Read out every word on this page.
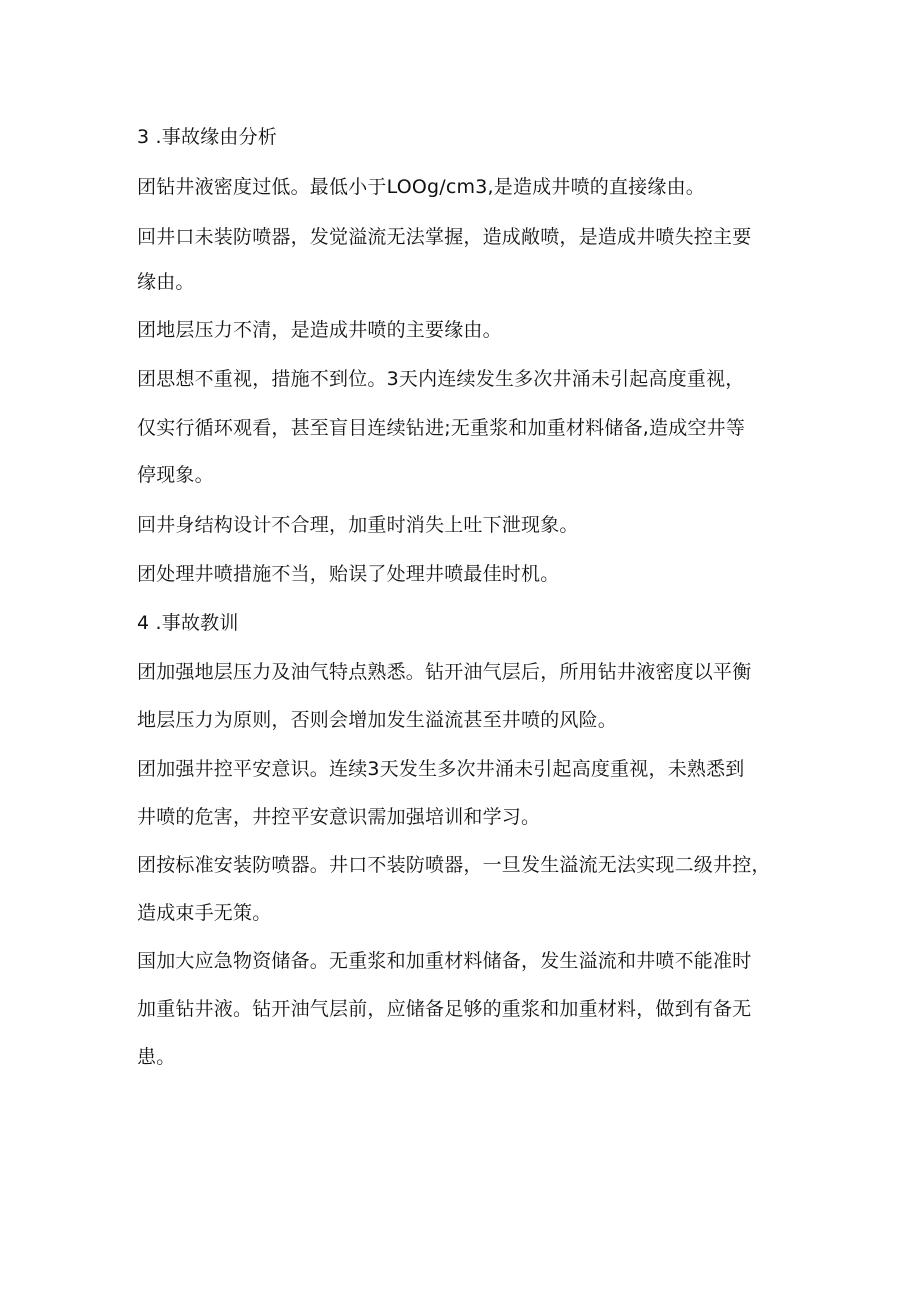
3 .事故缘由分析
团钻井液密度过低。最低小于LOOg/cm3,是造成井喷的直接缘由。
回井口未装防喷器，发觉溢流无法掌握，造成敞喷，是造成井喷失控主要
缘由。
团地层压力不清，是造成井喷的主要缘由。
团思想不重视，措施不到位。3天内连续发生多次井涌未引起高度重视，
仅实行循环观看，甚至盲目连续钻进;无重浆和加重材料储备,造成空井等
停现象。
回井身结构设计不合理，加重时消失上吐下泄现象。
团处理井喷措施不当，贻误了处理井喷最佳时机。
4 .事故教训
团加强地层压力及油气特点熟悉。钻开油气层后，所用钻井液密度以平衡
地层压力为原则，否则会增加发生溢流甚至井喷的风险。
团加强井控平安意识。连续3天发生多次井涌未引起高度重视，未熟悉到
井喷的危害，井控平安意识需加强培训和学习。
团按标准安装防喷器。井口不装防喷器，一旦发生溢流无法实现二级井控，
造成束手无策。
国加大应急物资储备。无重浆和加重材料储备，发生溢流和井喷不能准时
加重钻井液。钻开油气层前，应储备足够的重浆和加重材料，做到有备无
患。
